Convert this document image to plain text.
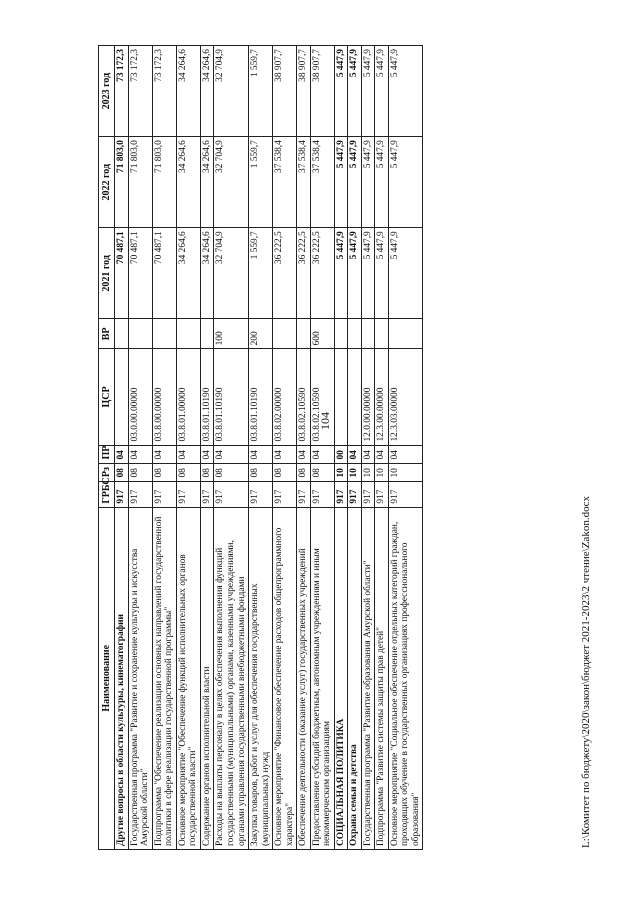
104
Наименование	ГРБС	Рз	ПР	ЦСР	ВР	2021 год	2022 год	2023 год
Другие вопросы в области культуры, кинематографии	917	08	04			70 487,1	71 803,0	73 172,3
Государственная программа "Развитие и сохранение культуры и искусства Амурской области"	917	08	04	03.0.00.00000		70 487,1	71 803,0	73 172,3
Подпрограмма "Обеспечение реализации основных направлений государственной политики в сфере реализации государственной программы"	917	08	04	03.8.00.00000		70 487,1	71 803,0	73 172,3
Основное мероприятие "Обеспечение функций исполнительных органов государственной власти"	917	08	04	03.8.01.00000		34 264,6	34 264,6	34 264,6
Содержание органов исполнительной власти	917	08	04	03.8.01.10190		34 264,6	34 264,6	34 264,6
Расходы на выплаты персоналу в целях обеспечения выполнения функций государственными (муниципальными) органами, казенными учреждениями, органами управления государственными внебюджетными фондами	917	08	04	03.8.01.10190	100	32 704,9	32 704,9	32 704,9
Закупка товаров, работ и услуг для обеспечения государственных (муниципальных) нужд	917	08	04	03.8.01.10190	200	1 559,7	1 559,7	1 559,7
Основное мероприятие "Финансовое обеспечение расходов общепрограммного характера"	917	08	04	03.8.02.00000		36 222,5	37 538,4	38 907,7
Обеспечение деятельности (оказание услуг) государственных учреждений	917	08	04	03.8.02.10590		36 222,5	37 538,4	38 907,7
Предоставление субсидий бюджетным, автономным учреждениям и иным некоммерческим организациям	917	08	04	03.8.02.10590	600	36 222,5	37 538,4	38 907,7
СОЦИАЛЬНАЯ ПОЛИТИКА	917	10	00			5 447,9	5 447,9	5 447,9
Охрана семьи и детства	917	10	04			5 447,9	5 447,9	5 447,9
Государственная программа "Развитие образования Амурской области"	917	10	04	12.0.00.00000		5 447,9	5 447,9	5 447,9
Подпрограмма "Развитие системы защиты прав детей"	917	10	04	12.3.00.00000		5 447,9	5 447,9	5 447,9
Основное мероприятие "Социальное обеспечение отдельных категорий граждан, проходящих обучение в государственных организациях профессионального образования"	917	10	04	12.3.03.00000		5 447,9	5 447,9	5 447,9
L:\Комитет по бюджету\2020\закон\бюджет 2021-2023\2 чтение\Zakon.docx
